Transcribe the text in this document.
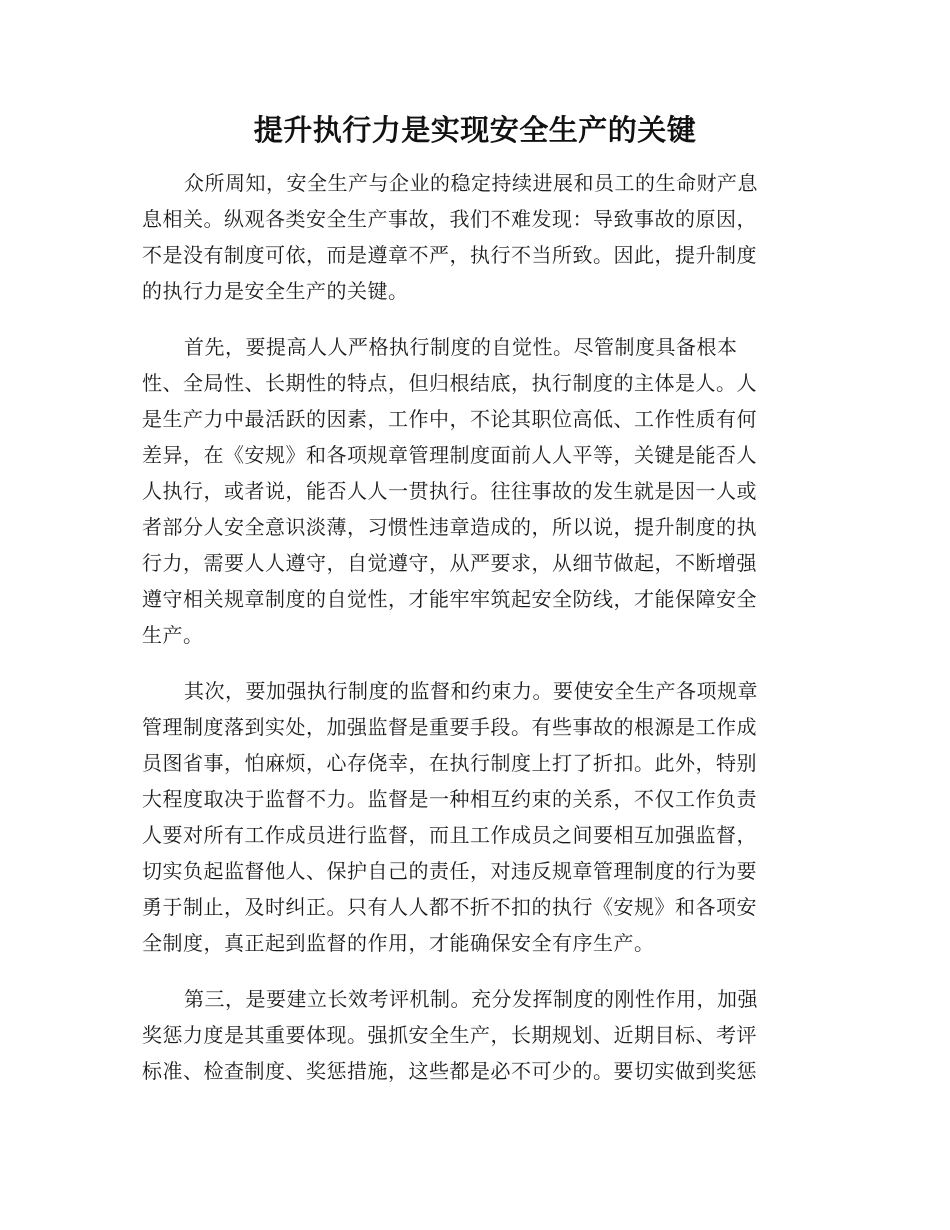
提升执行力是实现安全生产的关键

众所周知，安全生产与企业的稳定持续进展和员工的生命财产息

息相关。纵观各类安全生产事故，我们不难发现：导致事故的原因，

不是没有制度可依，而是遵章不严，执行不当所致。因此，提升制度

的执行力是安全生产的关键。

首先，要提高人人严格执行制度的自觉性。尽管制度具备根本

性、全局性、长期性的特点，但归根结底，执行制度的主体是人。人

是生产力中最活跃的因素，工作中，不论其职位高低、工作性质有何

差异，在《安规》和各项规章管理制度面前人人平等，关键是能否人

人执行，或者说，能否人人一贯执行。往往事故的发生就是因一人或

者部分人安全意识淡薄，习惯性违章造成的，所以说，提升制度的执

行力，需要人人遵守，自觉遵守，从严要求，从细节做起，不断增强

遵守相关规章制度的自觉性，才能牢牢筑起安全防线，才能保障安全

生产。

其次，要加强执行制度的监督和约束力。要使安全生产各项规章

管理制度落到实处，加强监督是重要手段。有些事故的根源是工作成

员图省事，怕麻烦，心存侥幸，在执行制度上打了折扣。此外，特别

大程度取决于监督不力。监督是一种相互约束的关系，不仅工作负责

人要对所有工作成员进行监督，而且工作成员之间要相互加强监督，

切实负起监督他人、保护自己的责任，对违反规章管理制度的行为要

勇于制止，及时纠正。只有人人都不折不扣的执行《安规》和各项安

全制度，真正起到监督的作用，才能确保安全有序生产。

第三，是要建立长效考评机制。充分发挥制度的刚性作用，加强

奖惩力度是其重要体现。强抓安全生产，长期规划、近期目标、考评

标准、检查制度、奖惩措施，这些都是必不可少的。要切实做到奖惩
